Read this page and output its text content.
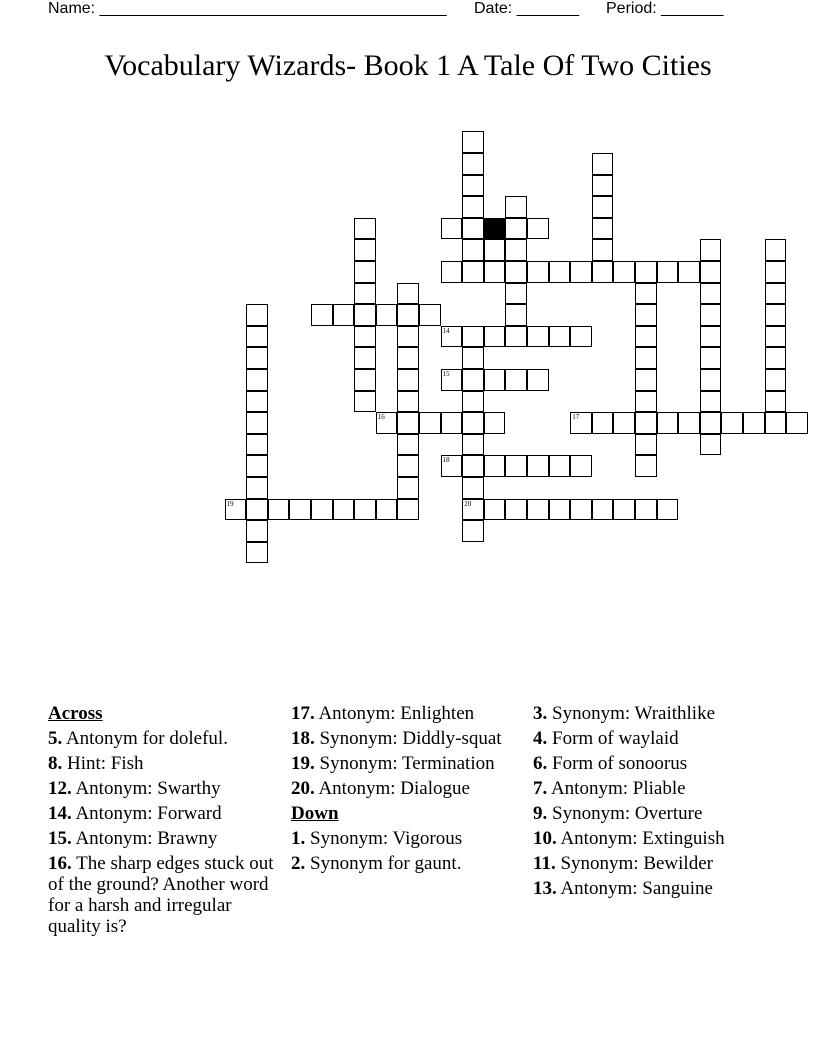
Name: _______________________________________ Date: _______ Period: _______
Vocabulary Wizards- Book 1 A Tale Of Two Cities
20
14
15
16	17
18
19
Across
5. Antonym for doleful.
8. Hint: Fish
12. Antonym: Swarthy
14. Antonym: Forward
15. Antonym: Brawny
16. The sharp edges stuck out of the ground? Another word for a harsh and irregular quality is?
17. Antonym: Enlighten
18. Synonym: Diddly-squat
19. Synonym: Termination
20. Antonym: Dialogue
Down
1. Synonym: Vigorous
2. Synonym for gaunt.
3. Synonym: Wraithlike
4. Form of waylaid
6. Form of sonoorus
7. Antonym: Pliable
9. Synonym: Overture
10. Antonym: Extinguish
11. Synonym: Bewilder
13. Antonym: Sanguine
